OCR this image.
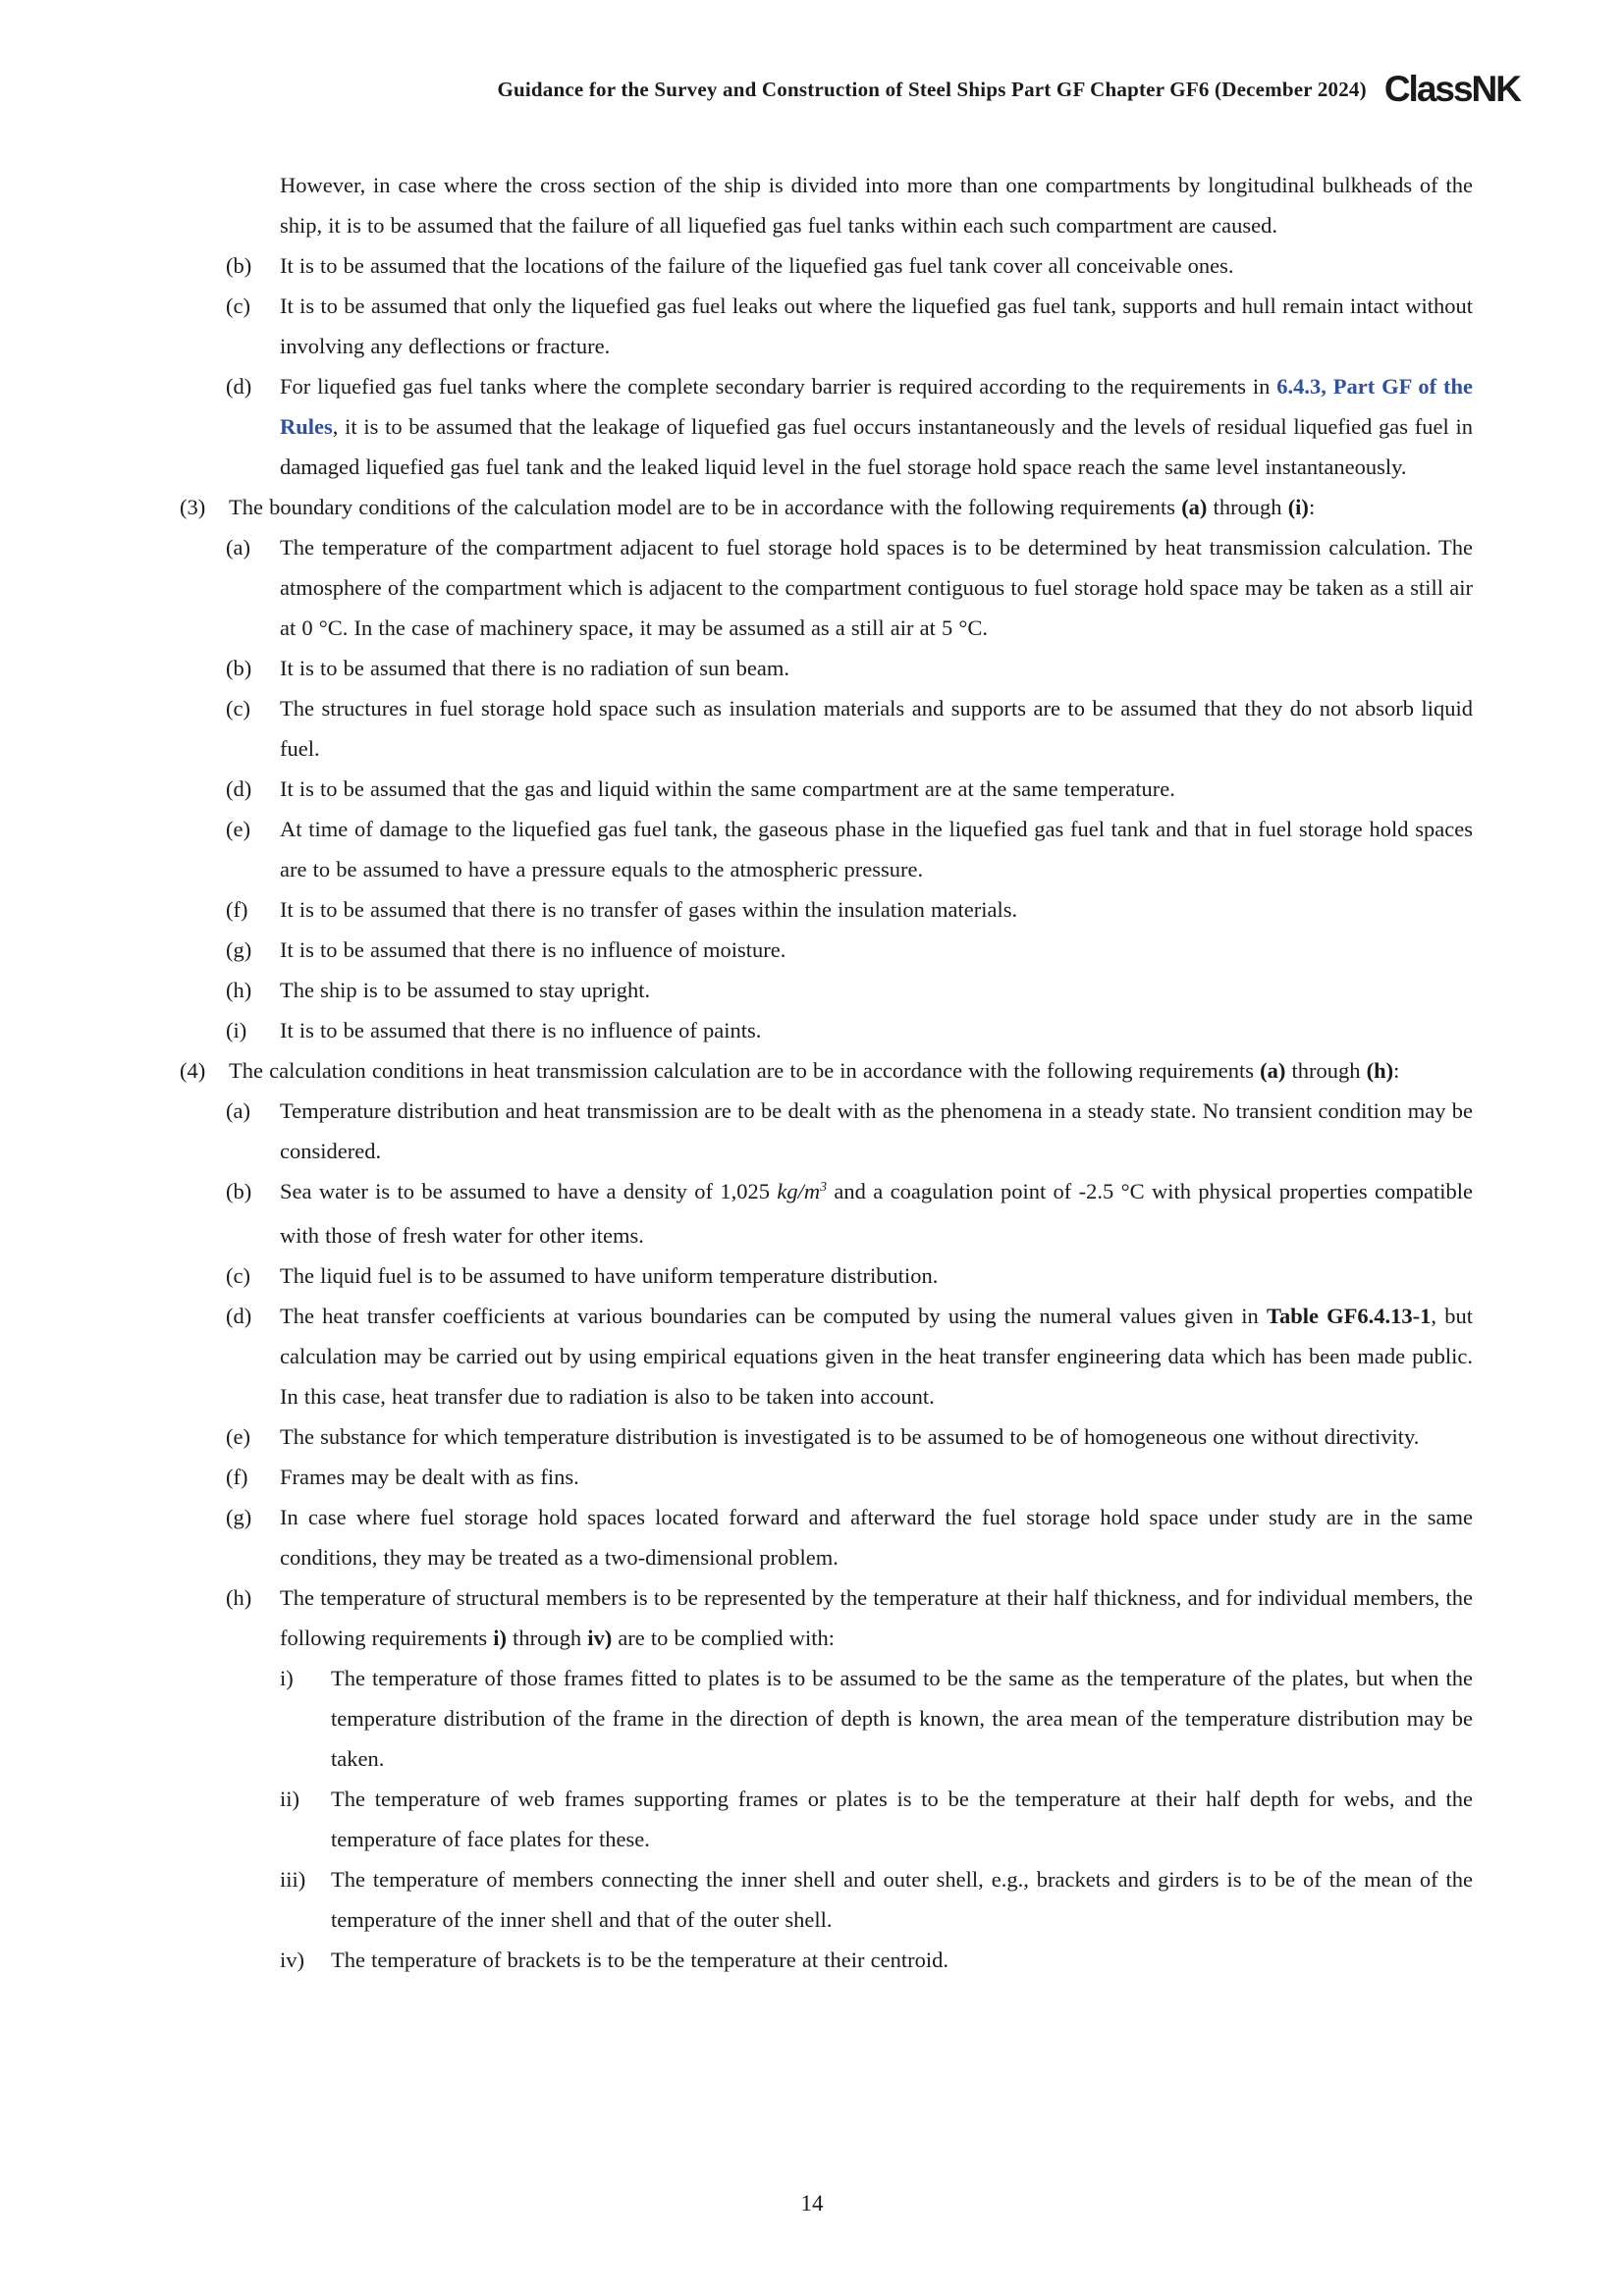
Guidance for the Survey and Construction of Steel Ships Part GF Chapter GF6 (December 2024) ClassNK
However, in case where the cross section of the ship is divided into more than one compartments by longitudinal bulkheads of the ship, it is to be assumed that the failure of all liquefied gas fuel tanks within each such compartment are caused.
(b) It is to be assumed that the locations of the failure of the liquefied gas fuel tank cover all conceivable ones.
(c) It is to be assumed that only the liquefied gas fuel leaks out where the liquefied gas fuel tank, supports and hull remain intact without involving any deflections or fracture.
(d) For liquefied gas fuel tanks where the complete secondary barrier is required according to the requirements in 6.4.3, Part GF of the Rules, it is to be assumed that the leakage of liquefied gas fuel occurs instantaneously and the levels of residual liquefied gas fuel in damaged liquefied gas fuel tank and the leaked liquid level in the fuel storage hold space reach the same level instantaneously.
(3) The boundary conditions of the calculation model are to be in accordance with the following requirements (a) through (i):
(a) The temperature of the compartment adjacent to fuel storage hold spaces is to be determined by heat transmission calculation. The atmosphere of the compartment which is adjacent to the compartment contiguous to fuel storage hold space may be taken as a still air at 0 °C. In the case of machinery space, it may be assumed as a still air at 5 °C.
(b) It is to be assumed that there is no radiation of sun beam.
(c) The structures in fuel storage hold space such as insulation materials and supports are to be assumed that they do not absorb liquid fuel.
(d) It is to be assumed that the gas and liquid within the same compartment are at the same temperature.
(e) At time of damage to the liquefied gas fuel tank, the gaseous phase in the liquefied gas fuel tank and that in fuel storage hold spaces are to be assumed to have a pressure equals to the atmospheric pressure.
(f) It is to be assumed that there is no transfer of gases within the insulation materials.
(g) It is to be assumed that there is no influence of moisture.
(h) The ship is to be assumed to stay upright.
(i) It is to be assumed that there is no influence of paints.
(4) The calculation conditions in heat transmission calculation are to be in accordance with the following requirements (a) through (h):
(a) Temperature distribution and heat transmission are to be dealt with as the phenomena in a steady state. No transient condition may be considered.
(b) Sea water is to be assumed to have a density of 1,025 $kg/m^3$ and a coagulation point of -2.5 °C with physical properties compatible with those of fresh water for other items.
(c) The liquid fuel is to be assumed to have uniform temperature distribution.
(d) The heat transfer coefficients at various boundaries can be computed by using the numeral values given in Table GF6.4.13-1, but calculation may be carried out by using empirical equations given in the heat transfer engineering data which has been made public. In this case, heat transfer due to radiation is also to be taken into account.
(e) The substance for which temperature distribution is investigated is to be assumed to be of homogeneous one without directivity.
(f) Frames may be dealt with as fins.
(g) In case where fuel storage hold spaces located forward and afterward the fuel storage hold space under study are in the same conditions, they may be treated as a two-dimensional problem.
(h) The temperature of structural members is to be represented by the temperature at their half thickness, and for individual members, the following requirements i) through iv) are to be complied with:
i) The temperature of those frames fitted to plates is to be assumed to be the same as the temperature of the plates, but when the temperature distribution of the frame in the direction of depth is known, the area mean of the temperature distribution may be taken.
ii) The temperature of web frames supporting frames or plates is to be the temperature at their half depth for webs, and the temperature of face plates for these.
iii) The temperature of members connecting the inner shell and outer shell, e.g., brackets and girders is to be of the mean of the temperature of the inner shell and that of the outer shell.
iv) The temperature of brackets is to be the temperature at their centroid.
14
